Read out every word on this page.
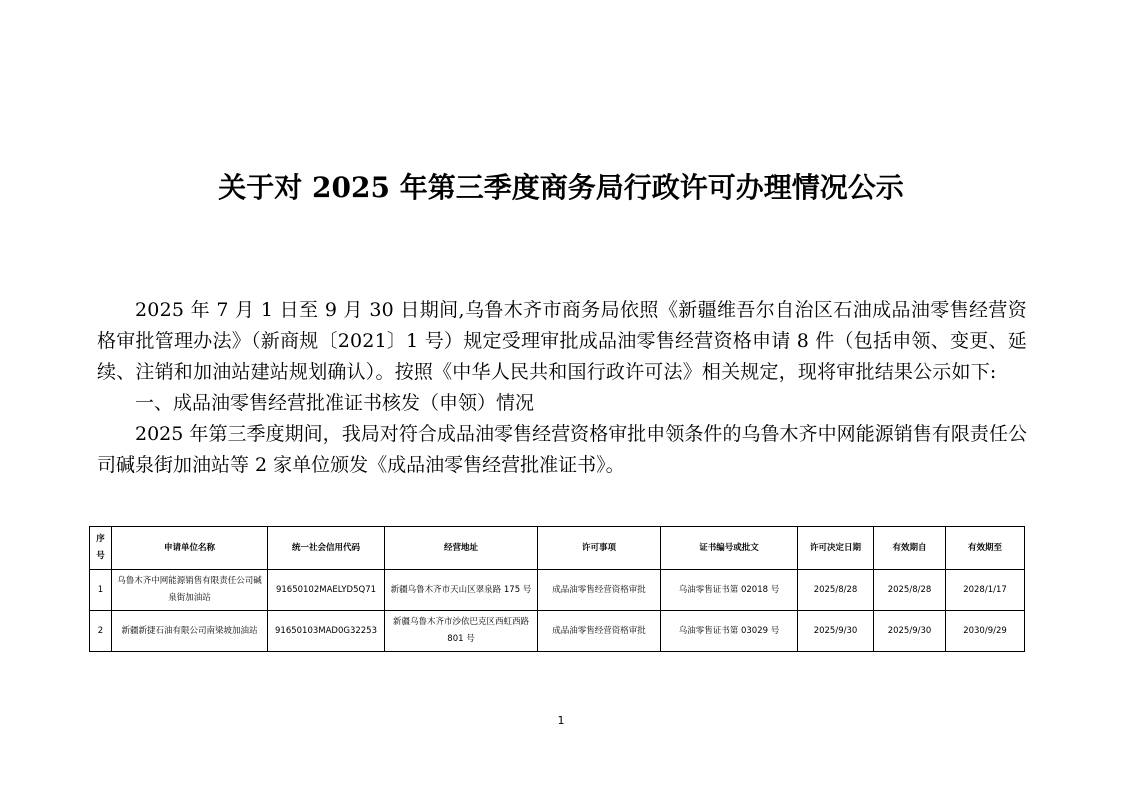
关于对 2025 年第三季度商务局行政许可办理情况公示

2025 年 7 月 1 日至 9 月 30 日期间,乌鲁木齐市商务局依照《新疆维吾尔自治区石油成品油零售经营资格审批管理办法》（新商规〔2021〕1 号）规定受理审批成品油零售经营资格申请 8 件（包括申领、变更、延续、注销和加油站建站规划确认）。按照《中华人民共和国行政许可法》相关规定，现将审批结果公示如下:

一、成品油零售经营批准证书核发（申领）情况

2025 年第三季度期间，我局对符合成品油零售经营资格审批申领条件的乌鲁木齐中网能源销售有限责任公司碱泉街加油站等 2 家单位颁发《成品油零售经营批准证书》。

序号	申请单位名称	统一社会信用代码	经营地址	许可事项	证书编号或批文	许可决定日期	有效期自	有效期至
1	乌鲁木齐中网能源销售有限责任公司碱泉街加油站	91650102MAELYD5Q71	新疆乌鲁木齐市天山区翠泉路 175 号	成品油零售经营资格审批	乌油零售证书第 02018 号	2025/8/28	2025/8/28	2028/1/17
2	新疆新捷石油有限公司南梁坡加油站	91650103MAD0G32253	新疆乌鲁木齐市沙依巴克区西虹西路 801 号	成品油零售经营资格审批	乌油零售证书第 03029 号	2025/9/30	2025/9/30	2030/9/29
1
